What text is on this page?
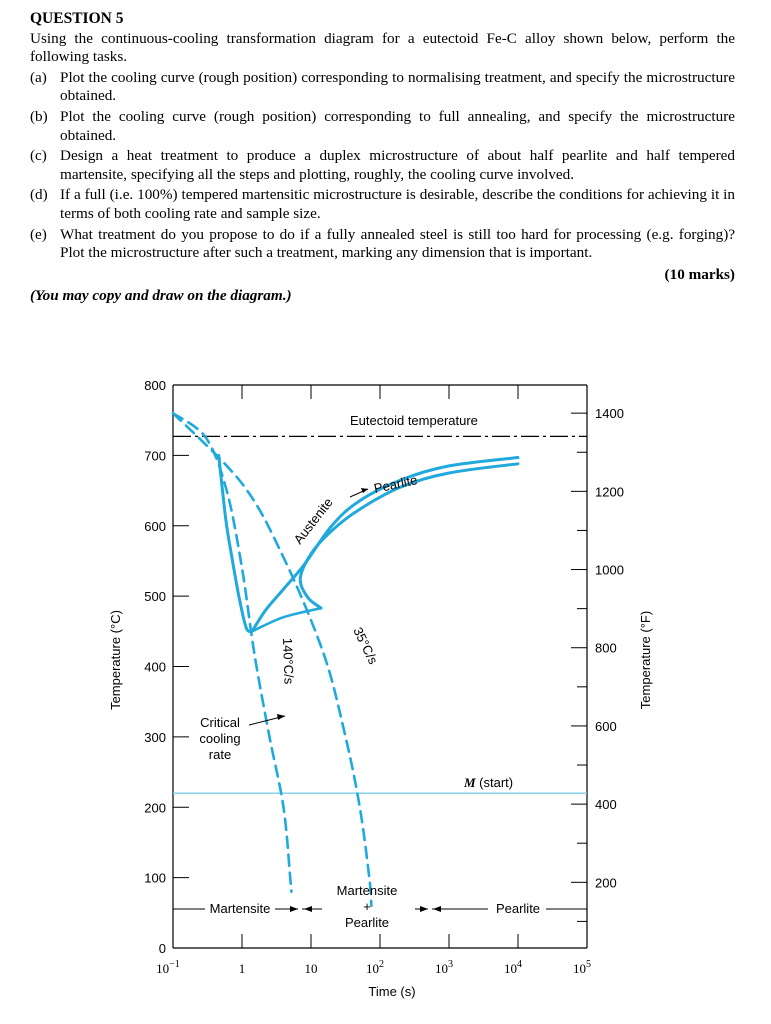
QUESTION 5
Using the continuous-cooling transformation diagram for a eutectoid Fe-C alloy shown below, perform the following tasks.
(a) Plot the cooling curve (rough position) corresponding to normalising treatment, and specify the microstructure obtained.
(b) Plot the cooling curve (rough position) corresponding to full annealing, and specify the microstructure obtained.
(c) Design a heat treatment to produce a duplex microstructure of about half pearlite and half tempered martensite, specifying all the steps and plotting, roughly, the cooling curve involved.
(d) If a full (i.e. 100%) tempered martensitic microstructure is desirable, describe the conditions for achieving it in terms of both cooling rate and sample size.
(e) What treatment do you propose to do if a fully annealed steel is still too hard for processing (e.g. forging)? Plot the microstructure after such a treatment, marking any dimension that is important.
(10 marks)
(You may copy and draw on the diagram.)
0
100
200
300
400
500
600
700
800
200
400
600
800
1000
1200
1400
$10^{-1}$	1	10	$10^2$	$10^3$	$10^4$	$10^5$
Time (s)
Temperature (°C)	Temperature (°F)
Eutectoid temperature
Austenite
Pearlite
140°C/s	35°C/s
M (start)
Critical
cooling
rate
Martensite
Martensite
+
Pearlite
Pearlite
